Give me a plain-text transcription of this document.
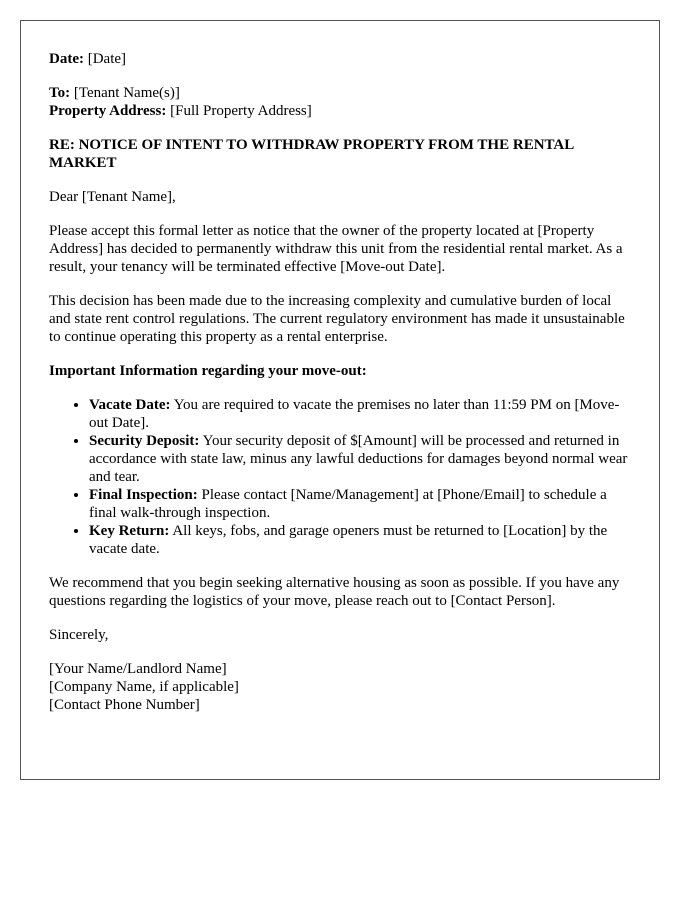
Date: [Date]
To: [Tenant Name(s)]
Property Address: [Full Property Address]

RE: NOTICE OF INTENT TO WITHDRAW PROPERTY FROM THE RENTAL MARKET

Dear [Tenant Name],

Please accept this formal letter as notice that the owner of the property located at [Property Address] has decided to permanently withdraw this unit from the residential rental market. As a result, your tenancy will be terminated effective [Move-out Date].

This decision has been made due to the increasing complexity and cumulative burden of local and state rent control regulations. The current regulatory environment has made it unsustainable to continue operating this property as a rental enterprise.

Important Information regarding your move-out:

• Vacate Date: You are required to vacate the premises no later than 11:59 PM on [Move-out Date].
• Security Deposit: Your security deposit of $[Amount] will be processed and returned in accordance with state law, minus any lawful deductions for damages beyond normal wear and tear.
• Final Inspection: Please contact [Name/Management] at [Phone/Email] to schedule a final walk-through inspection.
• Key Return: All keys, fobs, and garage openers must be returned to [Location] by the vacate date.

We recommend that you begin seeking alternative housing as soon as possible. If you have any questions regarding the logistics of your move, please reach out to [Contact Person].

Sincerely,

[Your Name/Landlord Name]

[Company Name, if applicable]

[Contact Phone Number]
